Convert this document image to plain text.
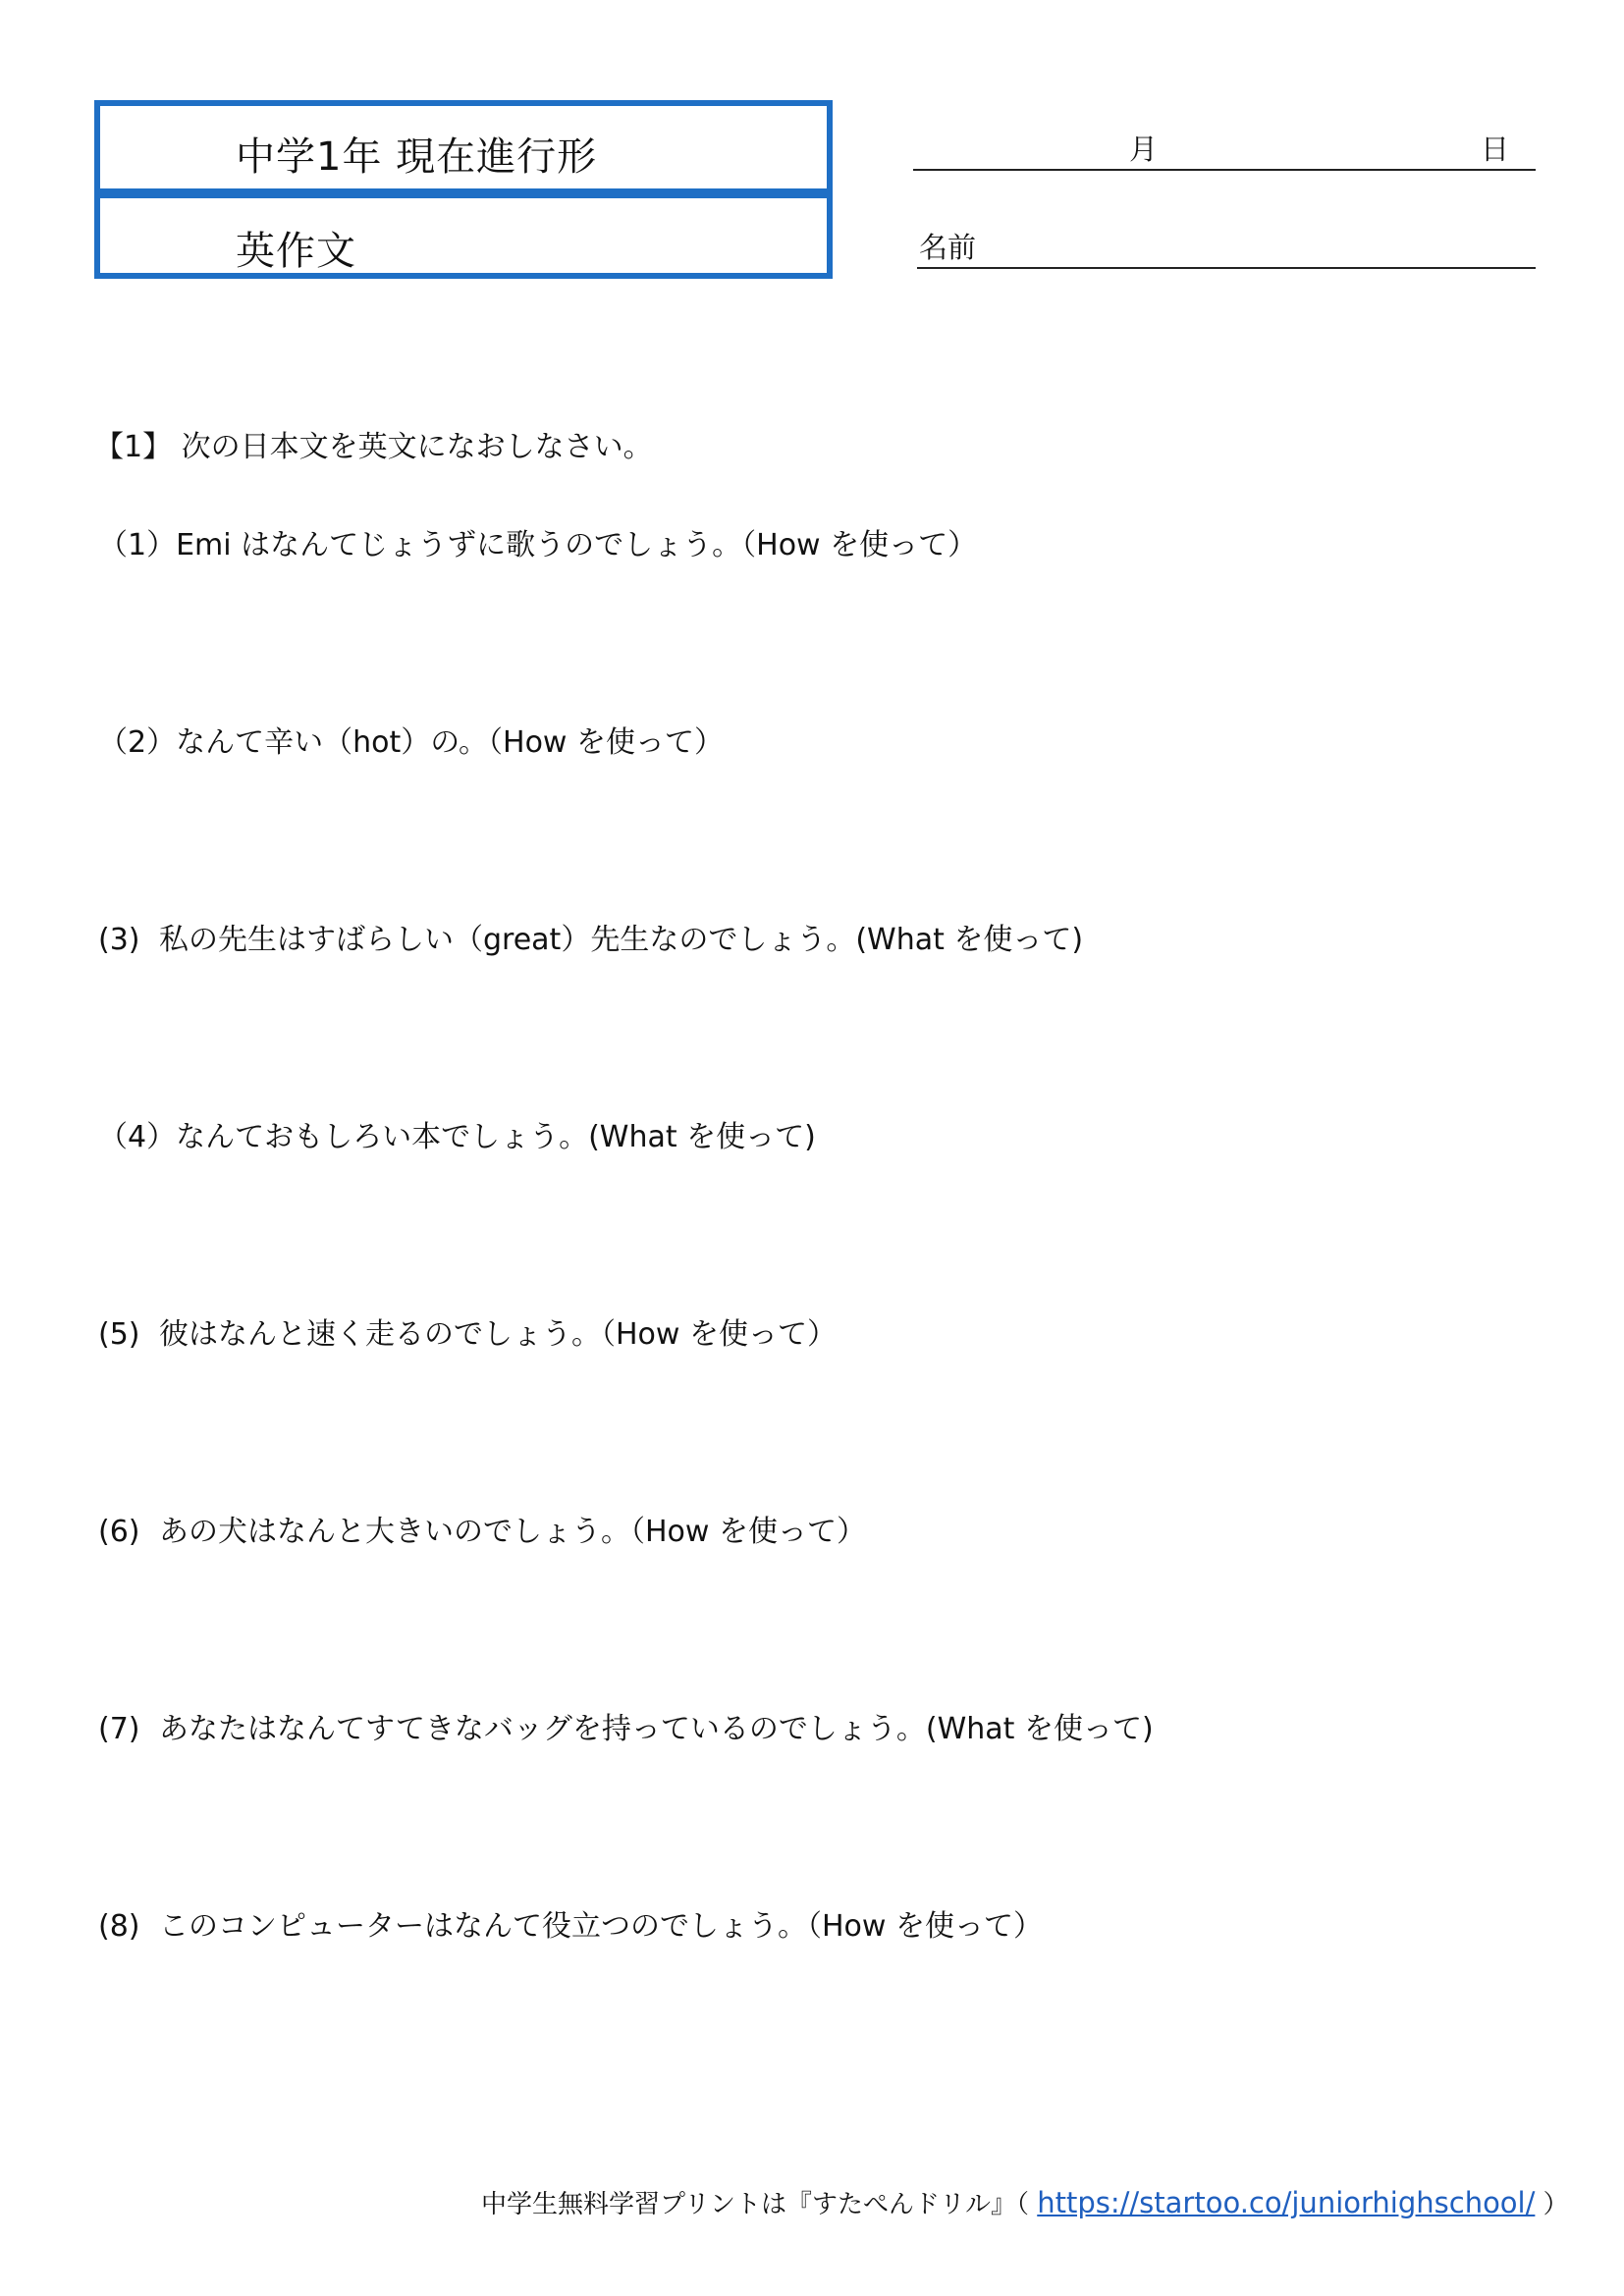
中学1年 現在進行形
英作文
月	日
名前
【1】 次の日本文を英文になおしなさい。
（1）Emi はなんてじょうずに歌うのでしょう。（How を使って）
（2）なんて辛い（hot）の。（How を使って）
(3) 私の先生はすばらしい（great）先生なのでしょう。(What を使って)
（4）なんておもしろい本でしょう。(What を使って)
(5) 彼はなんと速く走るのでしょう。（How を使って）
(6) あの犬はなんと大きいのでしょう。（How を使って）
(7) あなたはなんてすてきなバッグを持っているのでしょう。(What を使って)
(8) このコンピューターはなんて役立つのでしょう。（How を使って）
中学生無料学習プリントは『すたぺんドリル』（ https://startoo.co/juniorhighschool/ ）
